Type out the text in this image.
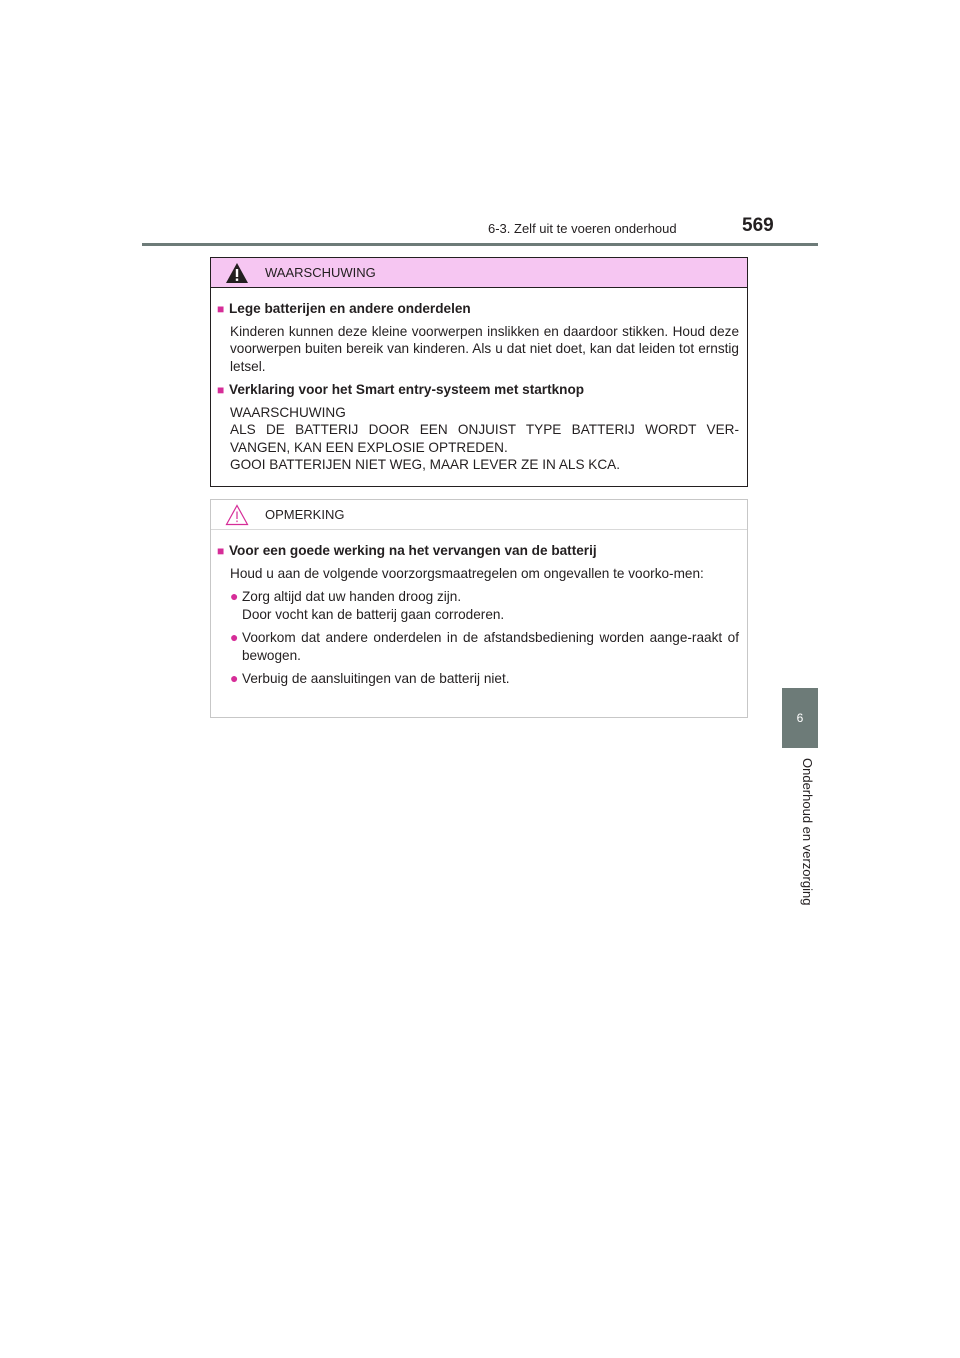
6-3. Zelf uit te voeren onderhoud	569
6
Onderhoud en verzorging
WAARSCHUWING
■ Lege batterijen en andere onderdelen
Kinderen kunnen deze kleine voorwerpen inslikken en daardoor stikken. Houd deze voorwerpen buiten bereik van kinderen. Als u dat niet doet, kan dat leiden tot ernstig letsel.
■ Verklaring voor het Smart entry-systeem met startknop
WAARSCHUWING
ALS DE BATTERIJ DOOR EEN ONJUIST TYPE BATTERIJ WORDT VER-VANGEN, KAN EEN EXPLOSIE OPTREDEN.
GOOI BATTERIJEN NIET WEG, MAAR LEVER ZE IN ALS KCA.
OPMERKING
■ Voor een goede werking na het vervangen van de batterij
Houd u aan de volgende voorzorgsmaatregelen om ongevallen te voorko-men:
● Zorg altijd dat uw handen droog zijn.
Door vocht kan de batterij gaan corroderen.
● Voorkom dat andere onderdelen in de afstandsbediening worden aange-raakt of bewogen.
● Verbuig de aansluitingen van de batterij niet.
